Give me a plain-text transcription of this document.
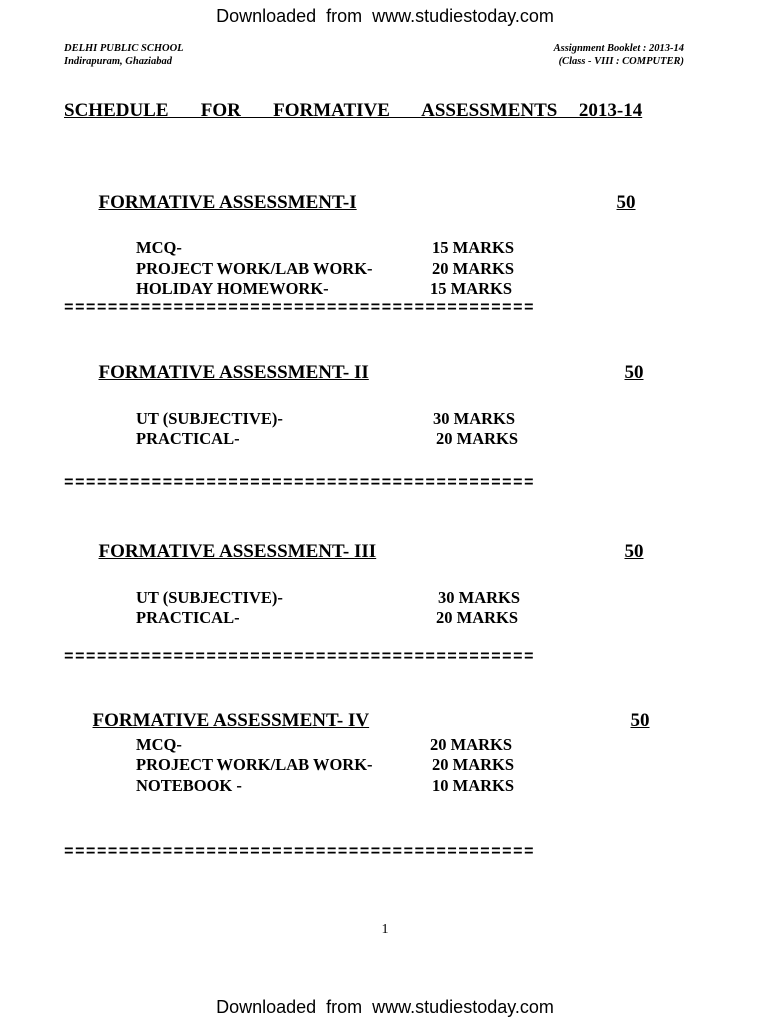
Downloaded  from  www.studiestoday.com
DELHI PUBLIC SCHOOL
Indirapuram, Ghaziabad
Assignment Booklet : 2013-14
(Class - VIII : COMPUTER)
SCHEDULE   FOR   FORMATIVE   ASSESSMENTS  2013-14

FORMATIVE ASSESSMENT-I	50

MCQ-	15 MARKS
PROJECT WORK/LAB WORK-	20 MARKS
HOLIDAY HOMEWORK-	15 MARKS
===========================================

FORMATIVE ASSESSMENT- II	50

UT (SUBJECTIVE)-	30 MARKS
PRACTICAL-	20 MARKS
===========================================

FORMATIVE ASSESSMENT- III	50

UT (SUBJECTIVE)-	30 MARKS
PRACTICAL-	20 MARKS
===========================================

FORMATIVE ASSESSMENT- IV	50

MCQ-	20 MARKS
PROJECT WORK/LAB WORK-	20 MARKS
NOTEBOOK -	10 MARKS
===========================================
1
Downloaded  from  www.studiestoday.com
